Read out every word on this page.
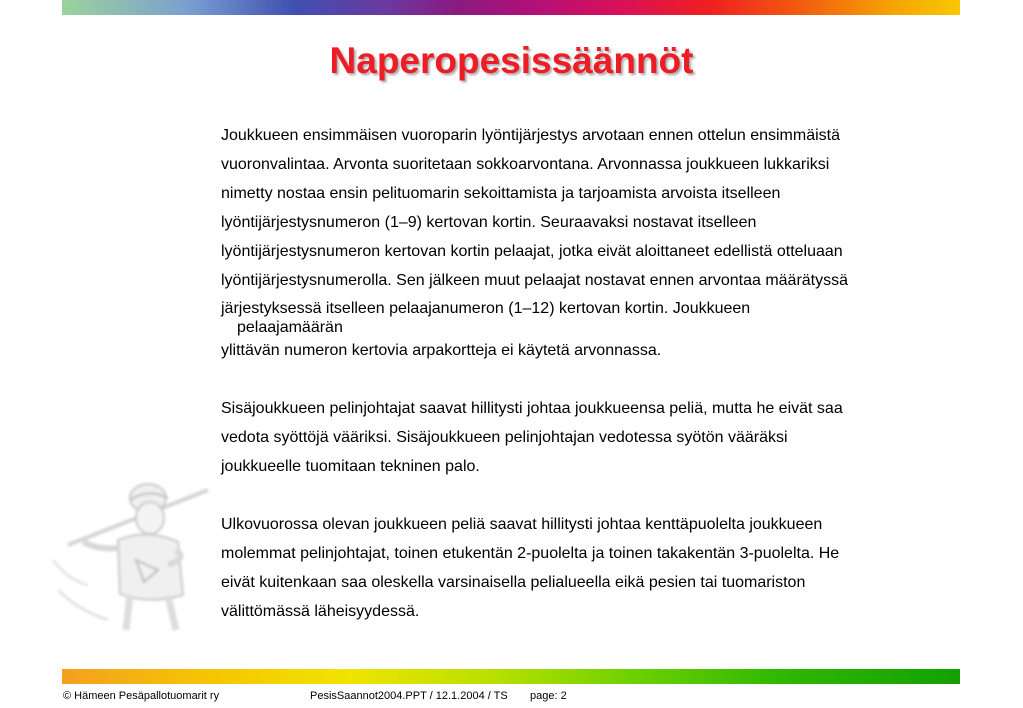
Naperopesissäännöt
Joukkueen ensimmäisen vuoroparin lyöntijärjestys arvotaan ennen ottelun ensimmäistä
vuoronvalintaa. Arvonta suoritetaan sokkoarvontana. Arvonnassa joukkueen lukkariksi
nimetty nostaa ensin pelituomarin sekoittamista ja tarjoamista arvoista itselleen
lyöntijärjestysnumeron (1–9) kertovan kortin. Seuraavaksi nostavat itselleen
lyöntijärjestysnumeron kertovan kortin pelaajat, jotka eivät aloittaneet edellistä otteluaan
lyöntijärjestysnumerolla. Sen jälkeen muut pelaajat nostavat ennen arvontaa määrätyssä
järjestyksessä itselleen pelaajanumeron (1–12) kertovan kortin. Joukkueen
pelaajamäärän
ylittävän numeron kertovia arpakortteja ei käytetä arvonnassa.
Sisäjoukkueen pelinjohtajat saavat hillitysti johtaa joukkueensa peliä, mutta he eivät saa
vedota syöttöjä vääriksi. Sisäjoukkueen pelinjohtajan vedotessa syötön vääräksi
joukkueelle tuomitaan tekninen palo.
Ulkovuorossa olevan joukkueen peliä saavat hillitysti johtaa kenttäpuolelta joukkueen
molemmat pelinjohtajat, toinen etukentän 2-puolelta ja toinen takakentän 3-puolelta. He
eivät kuitenkaan saa oleskella varsinaisella pelialueella eikä pesien tai tuomariston
välittömässä läheisyydessä.
© Hämeen Pesäpallotuomarit ry	PesisSaannot2004.PPT / 12.1.2004 / TS page: 2
